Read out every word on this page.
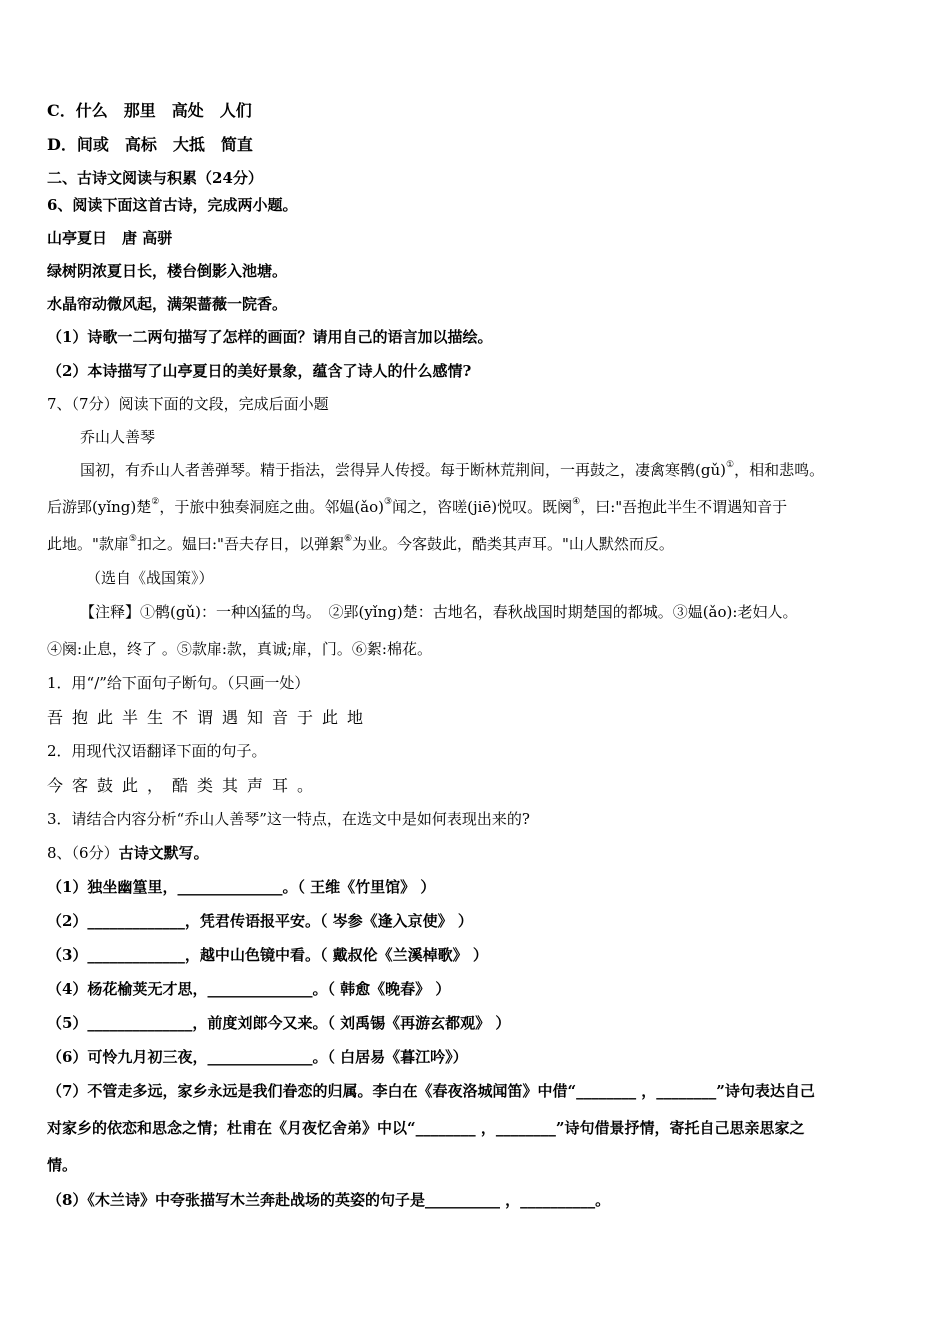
C．什么　那里　高处　人们
D．间或　高标　大抵　简直
二、古诗文阅读与积累（24分）
6、阅读下面这首古诗，完成两小题。
山亭夏日　唐 高骈
绿树阴浓夏日长，楼台倒影入池塘。
水晶帘动微风起，满架蔷薇一院香。
（1）诗歌一二两句描写了怎样的画面？请用自己的语言加以描绘。
（2）本诗描写了山亭夏日的美好景象，蕴含了诗人的什么感情?
7、（7分）阅读下面的文段，完成后面小题
乔山人善琴
国初，有乔山人者善弹琴。精于指法，尝得异人传授。每于断林荒荆间，一再鼓之，凄禽寒鹘(gǔ)①，相和悲鸣。
后游郢(yǐng)楚②，于旅中独奏洞庭之曲。邻媪(ǎo)③闻之，咨嗟(jiē)悦叹。既阕④，曰:"吾抱此半生不谓遇知音于
此地。"款扉⑤扣之。媪曰:"吾夫存日，以弹絮⑥为业。今客鼓此，酷类其声耳。"山人默然而反。
（选自《战国策》）
【注释】①鹘(gǔ)：一种凶猛的鸟。　②郢(yǐng)楚：古地名，春秋战国时期楚国的都城。③媪(ǎo):老妇人。
④阕:止息，终了 。⑤款扉:款，真诚;扉，门。⑥絮:棉花。
1．用“/”给下面句子断句。（只画一处）
吾抱此半生不谓遇知音于此地
2．用现代汉语翻译下面的句子。
今客鼓此，酷类其声耳。
3．请结合内容分析“乔山人善琴”这一特点，在选文中是如何表现出来的?
8、（6分）古诗文默写。
（1）独坐幽篁里，______________。（ 王维《竹里馆》 ）
（2）_____________，凭君传语报平安。（ 岑参《逢入京使》 ）
（3）_____________，越中山色镜中看。（ 戴叔伦《兰溪棹歌》 ）
（4）杨花榆荚无才思，______________。（ 韩愈《晚春》 ）
（5）______________，前度刘郎今又来。（ 刘禹锡《再游玄都观》 ）
（6）可怜九月初三夜，______________。（ 白居易《暮江吟》）
（7）不管走多远，家乡永远是我们眷恋的归属。李白在《春夜洛城闻笛》中借“________ ，________”诗句表达自己
对家乡的依恋和思念之情；杜甫在《月夜忆舍弟》中以“________ ，________”诗句借景抒情，寄托自己思亲思家之
情。
（8）《木兰诗》中夸张描写木兰奔赴战场的英姿的句子是__________ ，__________。
